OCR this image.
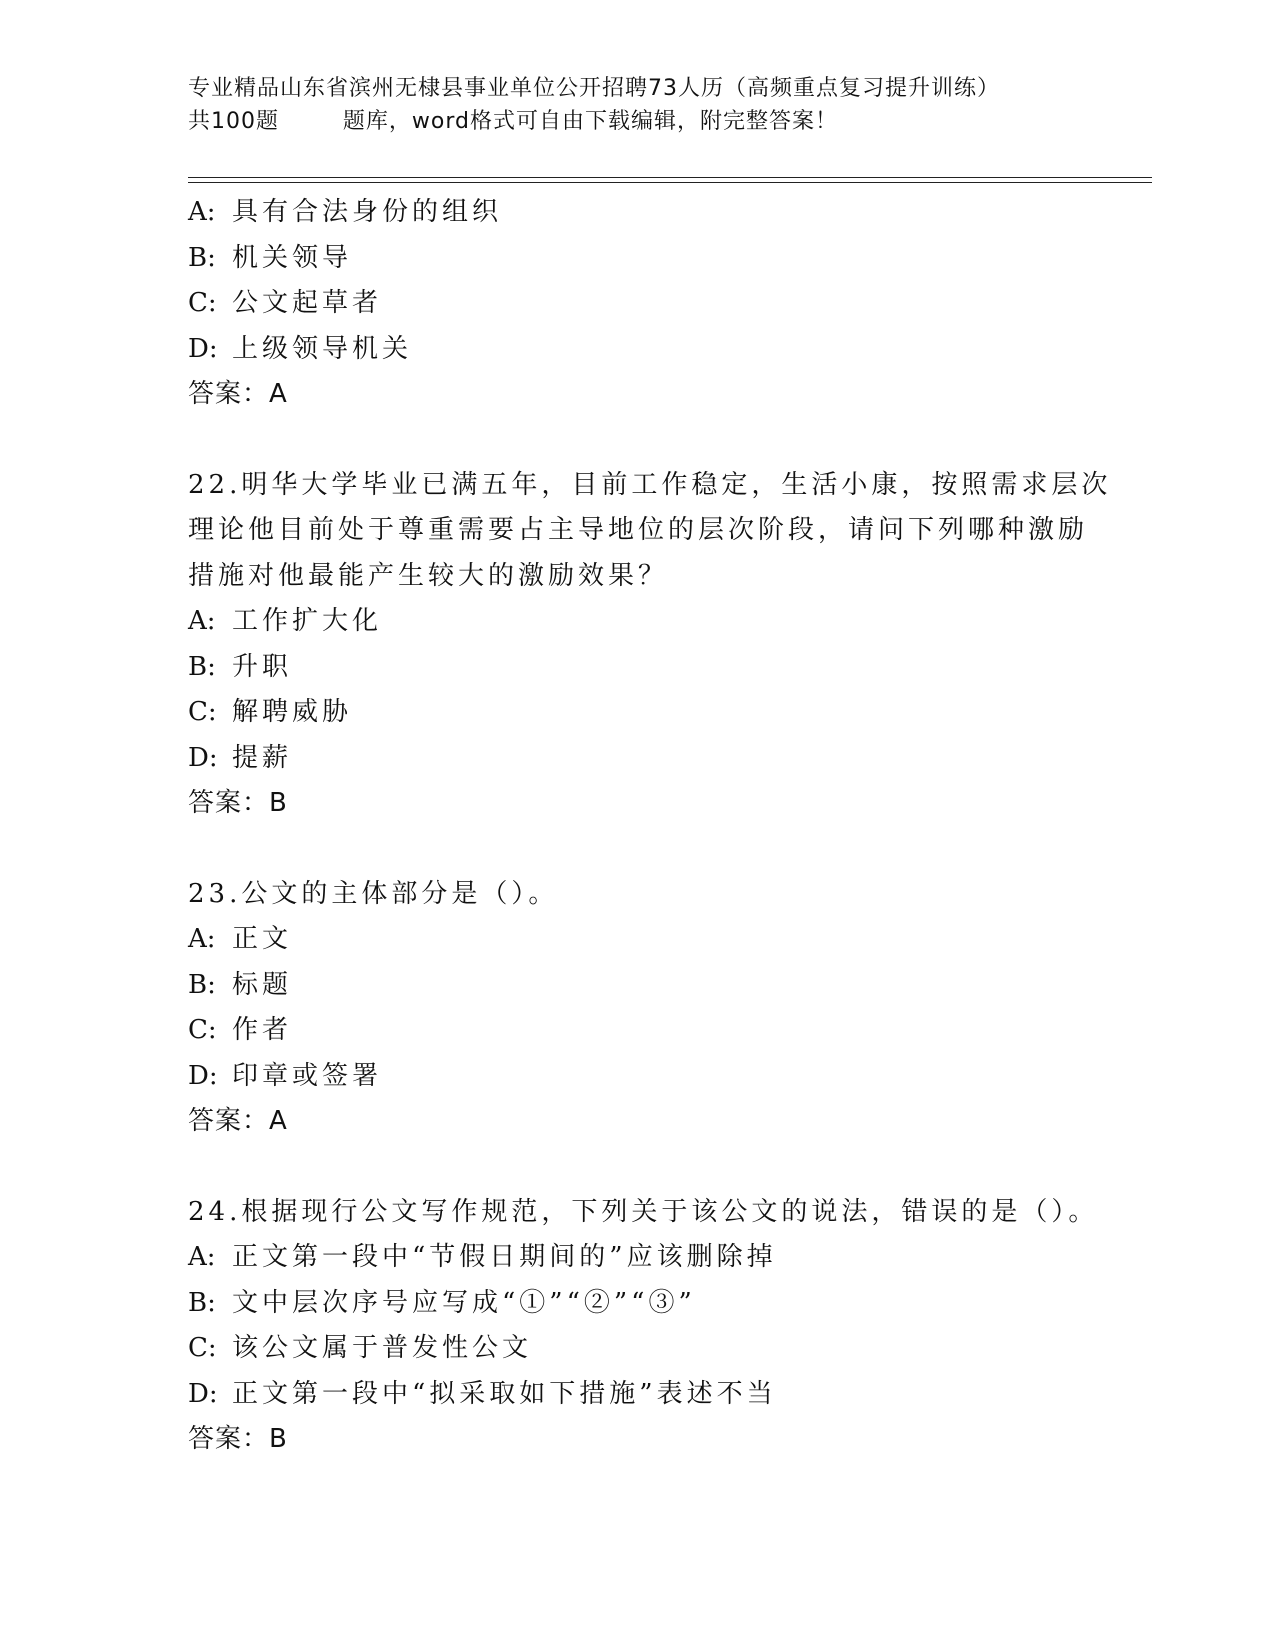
专业精品山东省滨州无棣县事业单位公开招聘73人历（高频重点复习提升训练）
共100题        题库，word格式可自由下载编辑，附完整答案！
A: 具有合法身份的组织
B: 机关领导
C: 公文起草者
D: 上级领导机关
答案：A
22.明华大学毕业已满五年，目前工作稳定，生活小康，按照需求层次
理论他目前处于尊重需要占主导地位的层次阶段，请问下列哪种激励
措施对他最能产生较大的激励效果？
A: 工作扩大化
B: 升职
C: 解聘威胁
D: 提薪
答案：B
23.公文的主体部分是（）。
A: 正文
B: 标题
C: 作者
D: 印章或签署
答案：A
24.根据现行公文写作规范，下列关于该公文的说法，错误的是（）。
A: 正文第一段中“节假日期间的”应该删除掉
B: 文中层次序号应写成“①”“②”“③”
C: 该公文属于普发性公文
D: 正文第一段中“拟采取如下措施”表述不当
答案：B
